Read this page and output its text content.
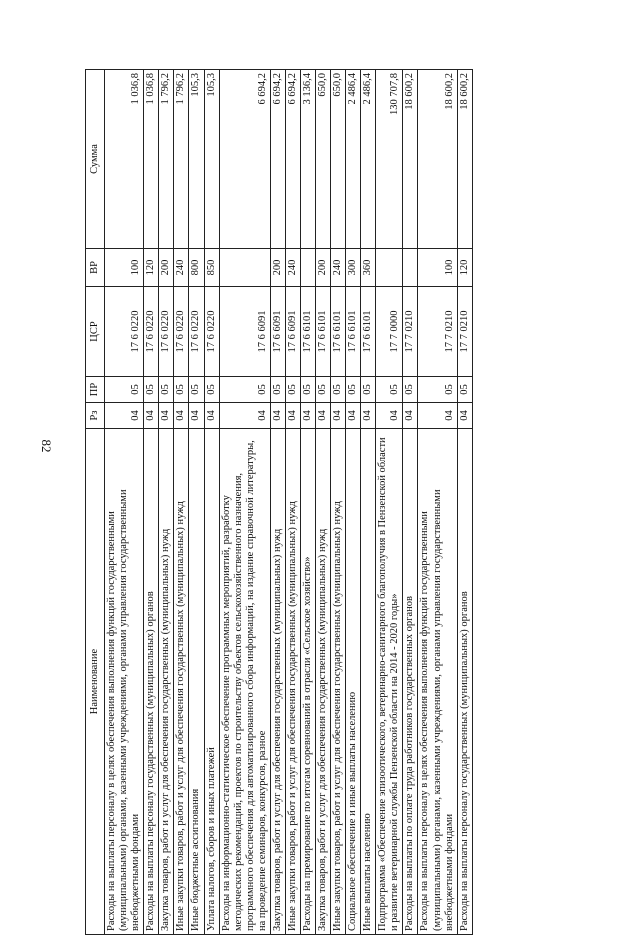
82
Наименование	Рз	ПР	ЦСР	ВР	Сумма
Расходы на выплаты персоналу в целях обеспечения выполнения функций государственными (муниципальными) органами, казенными учреждениями, органами управления государственными внебюджетными фондами	04	05	17 6 0220	100	1 036,8
Расходы на выплаты персоналу государственных (муниципальных) органов	04	05	17 6 0220	120	1 036,8
Закупка товаров, работ и услуг для обеспечения государственных (муниципальных) нужд	04	05	17 6 0220	200	1 796,2
Иные закупки товаров, работ и услуг для обеспечения государственных (муниципальных) нужд	04	05	17 6 0220	240	1 796,2
Иные бюджетные ассигнования	04	05	17 6 0220	800	105,3
Уплата налогов, сборов и иных платежей	04	05	17 6 0220	850	105,3
Расходы на информационно-статистическое обеспечение программных мероприятий, разработку методических рекомендаций, проектов по строительству объектов сельскохозяйственного назначения, программного обеспечения для автоматизированного сбора информаций, на издание справочной литературы, на проведение семинаров, конкурсов, разное	04	05	17 6 6091		6 694,2
Закупка товаров, работ и услуг для обеспечения государственных (муниципальных) нужд	04	05	17 6 6091	200	6 694,2
Иные закупки товаров, работ и услуг для обеспечения государственных (муниципальных) нужд	04	05	17 6 6091	240	6 694,2
Расходы на премирование по итогам соревнований в отрасли «Сельское хозяйство»	04	05	17 6 6101		3 136,4
Закупка товаров, работ и услуг для обеспечения государственных (муниципальных) нужд	04	05	17 6 6101	200	650,0
Иные закупки товаров, работ и услуг для обеспечения государственных (муниципальных) нужд	04	05	17 6 6101	240	650,0
Социальное обеспечение и иные выплаты населению	04	05	17 6 6101	300	2 486,4
Иные выплаты населению	04	05	17 6 6101	360	2 486,4
Подпрограмма «Обеспечение эпизоотического, ветеринарно-санитарного благополучия в Пензенской области и развитие ветеринарной службы Пензенской области на 2014 - 2020 годы»	04	05	17 7 0000		130 707,8
Расходы на выплаты по оплате труда работников государственных органов	04	05	17 7 0210		18 600,2
Расходы на выплаты персоналу в целях обеспечения выполнения функций государственными (муниципальными) органами, казенными учреждениями, органами управления государственными внебюджетными фондами	04	05	17 7 0210	100	18 600,2
Расходы на выплаты персоналу государственных (муниципальных) органов	04	05	17 7 0210	120	18 600,2
